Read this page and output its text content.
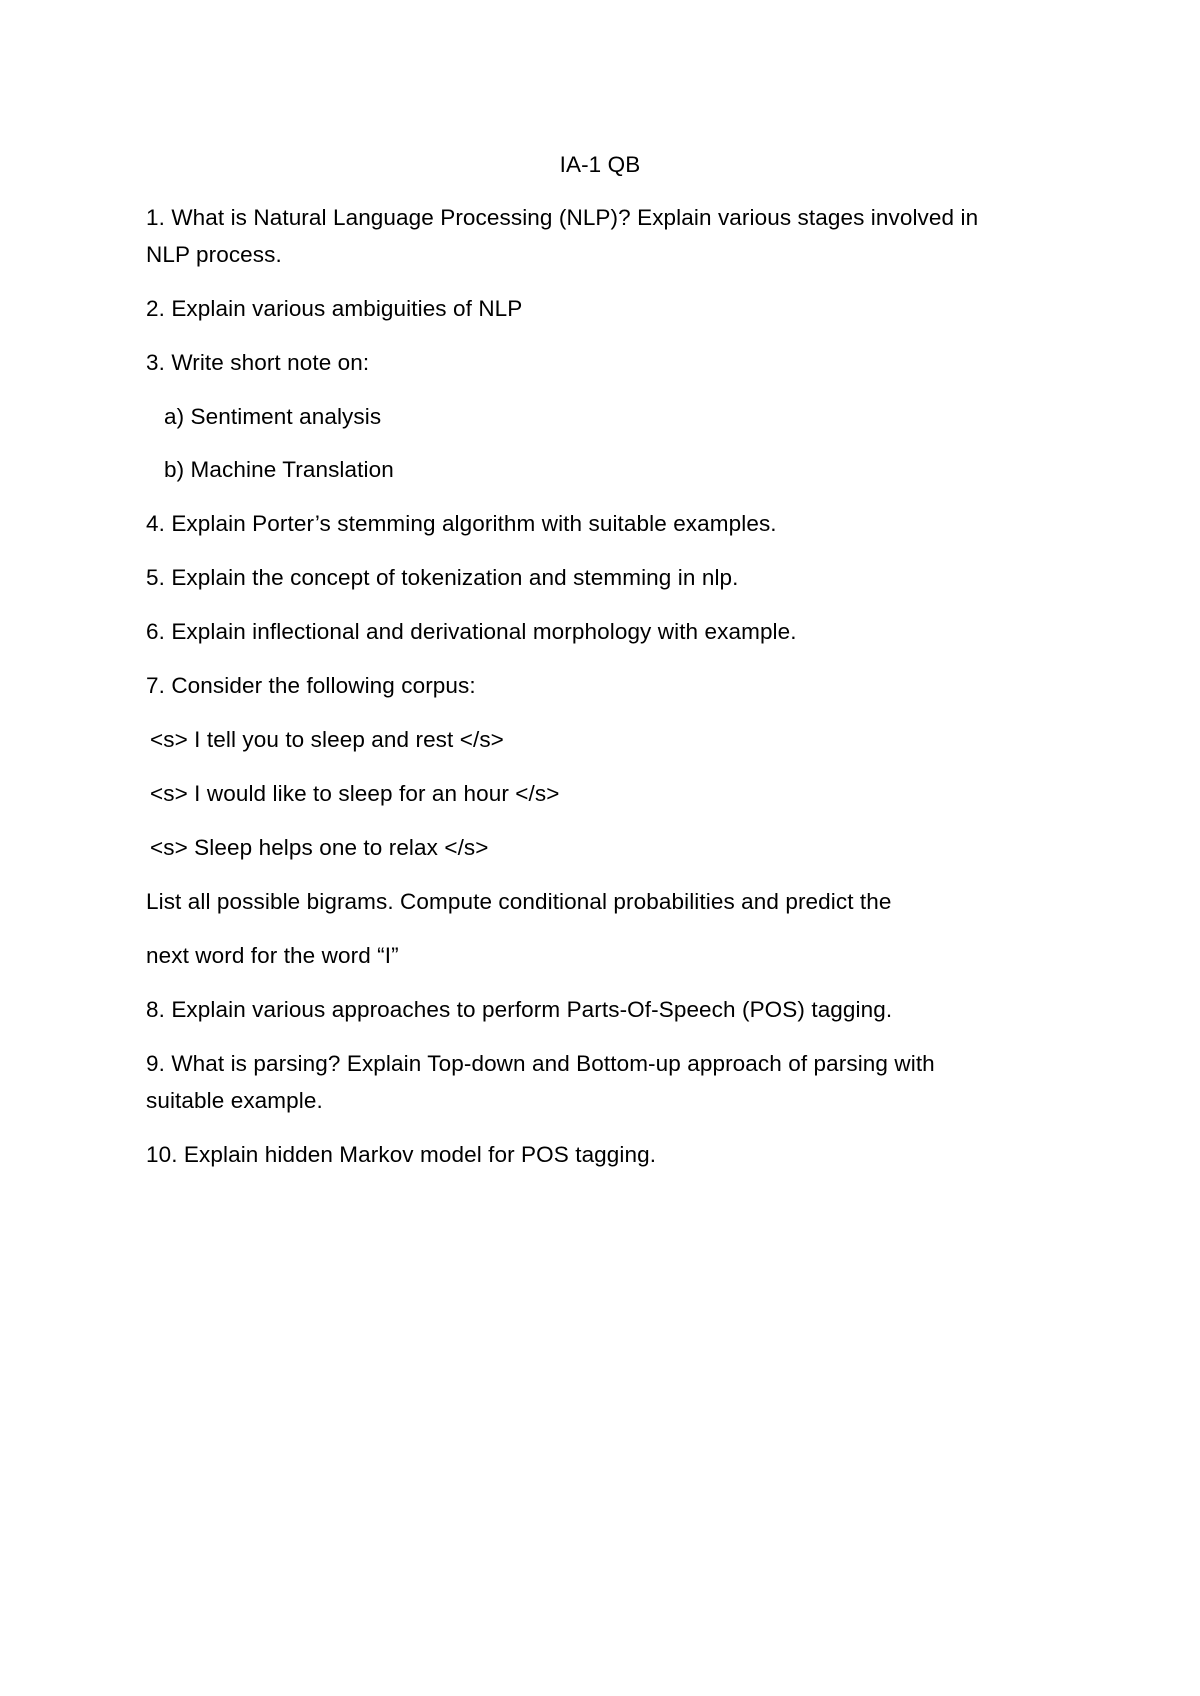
IA-1 QB
1. What is Natural Language Processing (NLP)? Explain various stages involved in
NLP process.
2. Explain various ambiguities of NLP
3. Write short note on:
a) Sentiment analysis
b) Machine Translation
4. Explain Porter’s stemming algorithm with suitable examples.
5. Explain the concept of tokenization and stemming in nlp.
6. Explain inflectional and derivational morphology with example.
7. Consider the following corpus:
<s> I tell you to sleep and rest </s>
<s> I would like to sleep for an hour </s>
<s> Sleep helps one to relax </s>
List all possible bigrams. Compute conditional probabilities and predict the
next word for the word “I”
8. Explain various approaches to perform Parts-Of-Speech (POS) tagging.
9. What is parsing? Explain Top-down and Bottom-up approach of parsing with
suitable example.
10. Explain hidden Markov model for POS tagging.
